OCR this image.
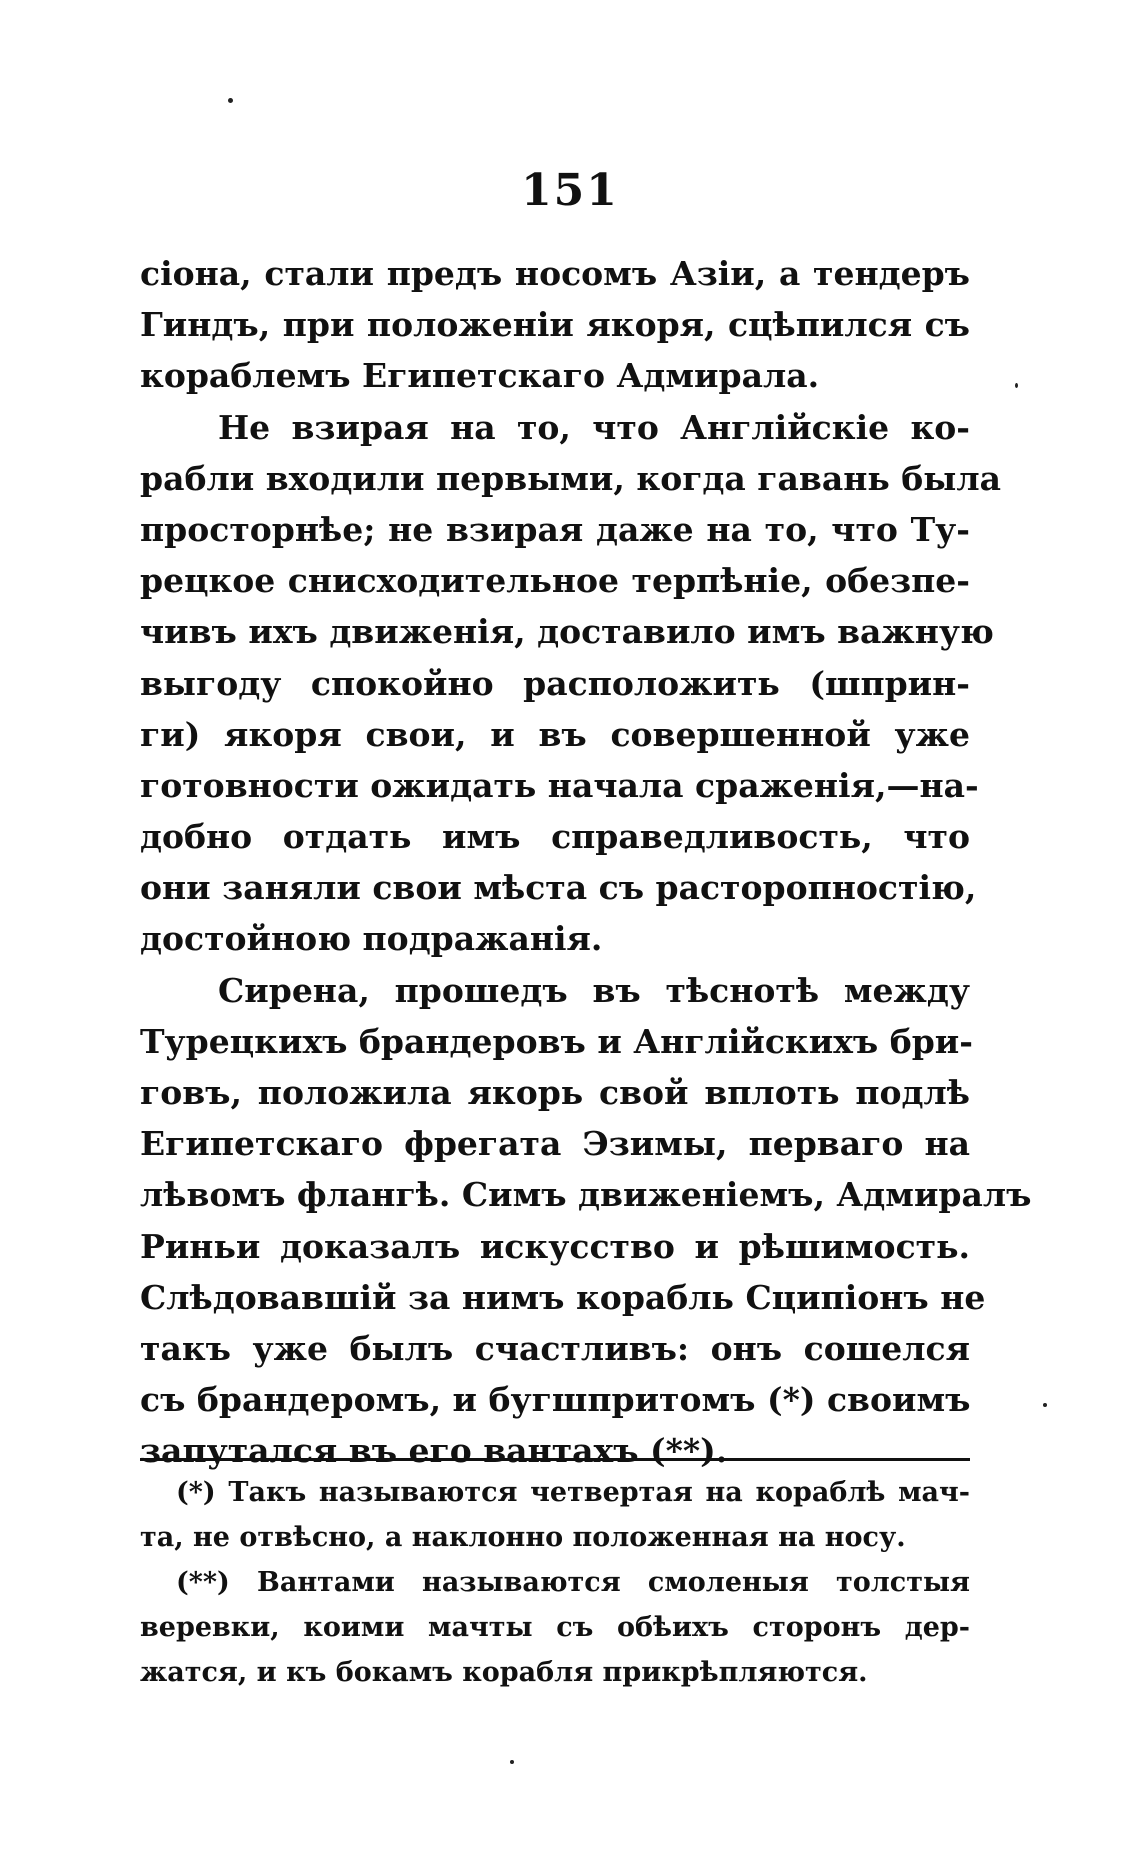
151
сіона, стали предъ носомъ Азіи, а тендеръ
Гиндъ, при положеніи якоря, сцѣпился съ
кораблемъ Египетскаго Адмирала.
Не взирая на то, что Англійскіе ко-
рабли входили первыми, когда гавань была
просторнѣе; не взирая даже на то, что Ту-
рецкое снисходительное терпѣніе, обезпе-
чивъ ихъ движенія, доставило имъ важную
выгоду спокойно расположить (шприн-
ги) якоря свои, и въ совершенной уже
готовности ожидать начала сраженія,—на-
добно отдать имъ справедливость, что
они заняли свои мѣста съ расторопностію,
достойною подражанія.
Сирена, прошедъ въ тѣснотѣ между
Турецкихъ брандеровъ и Англійскихъ бри-
говъ, положила якорь свой вплоть подлѣ
Египетскаго фрегата Эзимы, перваго на
лѣвомъ флангѣ. Симъ движеніемъ, Адмиралъ
Риньи доказалъ искусство и рѣшимость.
Слѣдовавшій за нимъ корабль Сципіонъ не
такъ уже былъ счастливъ: онъ сошелся
съ брандеромъ, и бугшпритомъ (*) своимъ
запутался въ его вантахъ (**).
(*) Такъ называются четвертая на кораблѣ мач-
та, не отвѣсно, а наклонно положенная на носу.
(**) Вантами называются смоленыя толстыя
веревки, коими мачты съ обѣихъ сторонъ дер-
жатся, и къ бокамъ корабля прикрѣпляются.
